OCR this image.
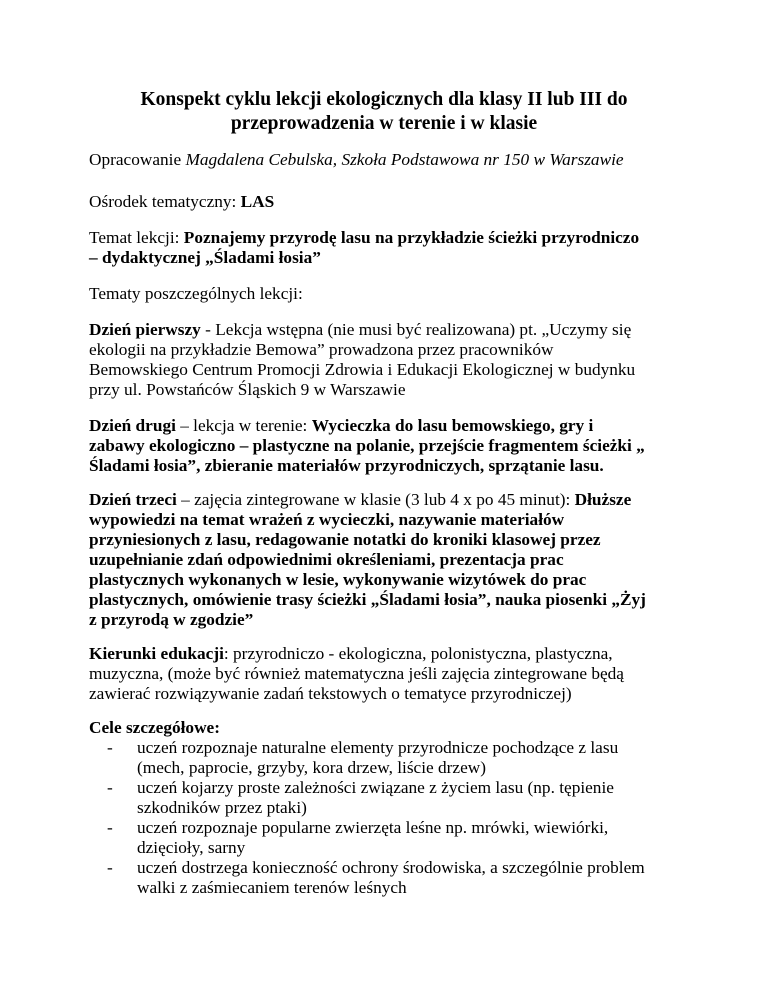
Konspekt cyklu lekcji ekologicznych dla klasy II lub III do
przeprowadzenia w terenie i w klasie
Opracowanie Magdalena Cebulska, Szkoła Podstawowa nr 150 w Warszawie
Ośrodek tematyczny: LAS
Temat lekcji: Poznajemy przyrodę lasu na przykładzie ścieżki przyrodniczo
– dydaktycznej „Śladami łosia”
Tematy poszczególnych lekcji:
Dzień pierwszy - Lekcja wstępna (nie musi być realizowana) pt. „Uczymy się
ekologii na przykładzie Bemowa” prowadzona przez pracowników
Bemowskiego Centrum Promocji Zdrowia i Edukacji Ekologicznej w budynku
przy ul. Powstańców Śląskich 9 w Warszawie
Dzień drugi – lekcja w terenie: Wycieczka do lasu bemowskiego, gry i
zabawy ekologiczno – plastyczne na polanie, przejście fragmentem ścieżki „
Śladami łosia”, zbieranie materiałów przyrodniczych, sprzątanie lasu.
Dzień trzeci – zajęcia zintegrowane w klasie (3 lub 4 x po 45 minut): Dłuższe
wypowiedzi na temat wrażeń z wycieczki, nazywanie materiałów
przyniesionych z lasu, redagowanie notatki do kroniki klasowej przez
uzupełnianie zdań odpowiednimi określeniami, prezentacja prac
plastycznych wykonanych w lesie, wykonywanie wizytówek do prac
plastycznych, omówienie trasy ścieżki „Śladami łosia”, nauka piosenki „Żyj
z przyrodą w zgodzie”
Kierunki edukacji: przyrodniczo - ekologiczna, polonistyczna, plastyczna,
muzyczna, (może być również matematyczna jeśli zajęcia zintegrowane będą
zawierać rozwiązywanie zadań tekstowych o tematyce przyrodniczej)
Cele szczegółowe:
- uczeń rozpoznaje naturalne elementy przyrodnicze pochodzące z lasu
(mech, paprocie, grzyby, kora drzew, liście drzew)
- uczeń kojarzy proste zależności związane z życiem lasu (np. tępienie
szkodników przez ptaki)
- uczeń rozpoznaje popularne zwierzęta leśne np. mrówki, wiewiórki,
dzięcioły, sarny
- uczeń dostrzega konieczność ochrony środowiska, a szczególnie problem
walki z zaśmiecaniem terenów leśnych
